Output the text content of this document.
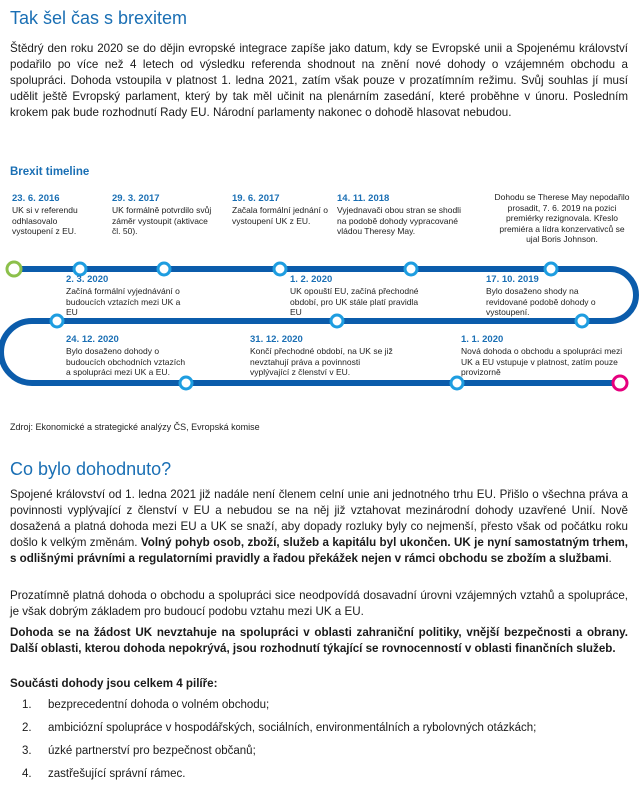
Tak šel čas s brexitem

Štědrý den roku 2020 se do dějin evropské integrace zapíše jako datum, kdy se Evropské unii a Spojenému království podařilo po více než 4 letech od výsledku referenda shodnout na znění nové dohody o vzájemném obchodu a spolupráci. Dohoda vstoupila v platnost 1. ledna 2021, zatím však pouze v prozatímním režimu. Svůj souhlas jí musí udělit ještě Evropský parlament, který by tak měl učinit na plenárním zasedání, které proběhne v únoru. Posledním krokem pak bude rozhodnutí Rady EU. Národní parlamenty nakonec o dohodě hlasovat nebudou.

Brexit timeline
23. 6. 2016
UK si v referendu odhlasovalo vystoupení z EU.
29. 3. 2017
UK formálně potvrdilo svůj záměr vystoupit (aktivace čl. 50).
19. 6. 2017
Začala formální jednání o vystoupení UK z EU.
14. 11. 2018
Vyjednavači obou stran se shodli na podobě dohody vypracované vládou Theresy May.
Dohodu se Therese May nepodařilo prosadit, 7. 6. 2019 na pozici premiérky rezignovala. Křeslo premiéra a lídra konzervativců se ujal Boris Johnson.
2. 3. 2020
Začíná formální vyjednávání o budoucích vztazích mezi UK a EU
1. 2. 2020
UK opouští EU, začíná přechodné období, pro UK stále platí pravidla EU
17. 10. 2019
Bylo dosaženo shody na revidované podobě dohody o vystoupení.
24. 12. 2020
Bylo dosaženo dohody o budoucích obchodních vztazích a spolupráci mezi UK a EU.
31. 12. 2020
Končí přechodné období, na UK se již nevztahují práva a povinnosti vyplývající z členství v EU.
1. 1. 2020
Nová dohoda o obchodu a spolupráci mezi UK a EU vstupuje v platnost, zatím pouze provizorně
Zdroj: Ekonomické a strategické analýzy ČS, Evropská komise
Co bylo dohodnuto?

Spojené království od 1. ledna 2021 již nadále není členem celní unie ani jednotného trhu EU. Přišlo o všechna práva a povinnosti vyplývající z členství v EU a nebudou se na něj již vztahovat mezinárodní dohody uzavřené Unií. Nově dosažená a platná dohoda mezi EU a UK se snaží, aby dopady rozluky byly co nejmenší, přesto však od počátku roku došlo k velkým změnám. Volný pohyb osob, zboží, služeb a kapitálu byl ukončen. UK je nyní samostatným trhem, s odlišnými právními a regulatorními pravidly a řadou překážek nejen v rámci obchodu se zbožím a službami.

Prozatímně platná dohoda o obchodu a spolupráci sice neodpovídá dosavadní úrovni vzájemných vztahů a spolupráce, je však dobrým základem pro budoucí podobu vztahu mezi UK a EU.

Dohoda se na žádost UK nevztahuje na spolupráci v oblasti zahraniční politiky, vnější bezpečnosti a obrany. Další oblasti, kterou dohoda nepokrývá, jsou rozhodnutí týkající se rovnocenností v oblasti finančních služeb.

Součásti dohody jsou celkem 4 pilíře:

1. bezprecedentní dohoda o volném obchodu;
2. ambiciózní spolupráce v hospodářských, sociálních, environmentálních a rybolovných otázkách;
3. úzké partnerství pro bezpečnost občanů;
4. zastřešující správní rámec.
